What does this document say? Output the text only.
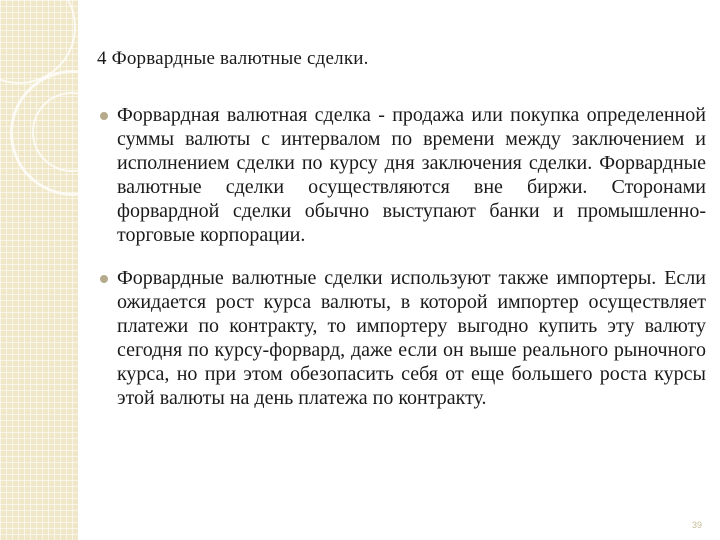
4 Форвардные валютные сделки.
Форвардная валютная сделка - продажа или покупка определенной суммы валюты с интервалом по времени между заключением и исполнением сделки по курсу дня заключения сделки. Форвардные валютные сделки осуществляются вне биржи. Сторонами форвардной сделки обычно выступают банки и промышленно-торговые корпорации.
Форвардные валютные сделки используют также импортеры. Если ожидается рост курса валюты, в которой импортер осуществляет платежи по контракту, то импортеру выгодно купить эту валюту сегодня по курсу-форвард, даже если он выше реального рыночного курса, но при этом обезопасить себя от еще большего роста курсы этой валюты на день платежа по контракту.
39
